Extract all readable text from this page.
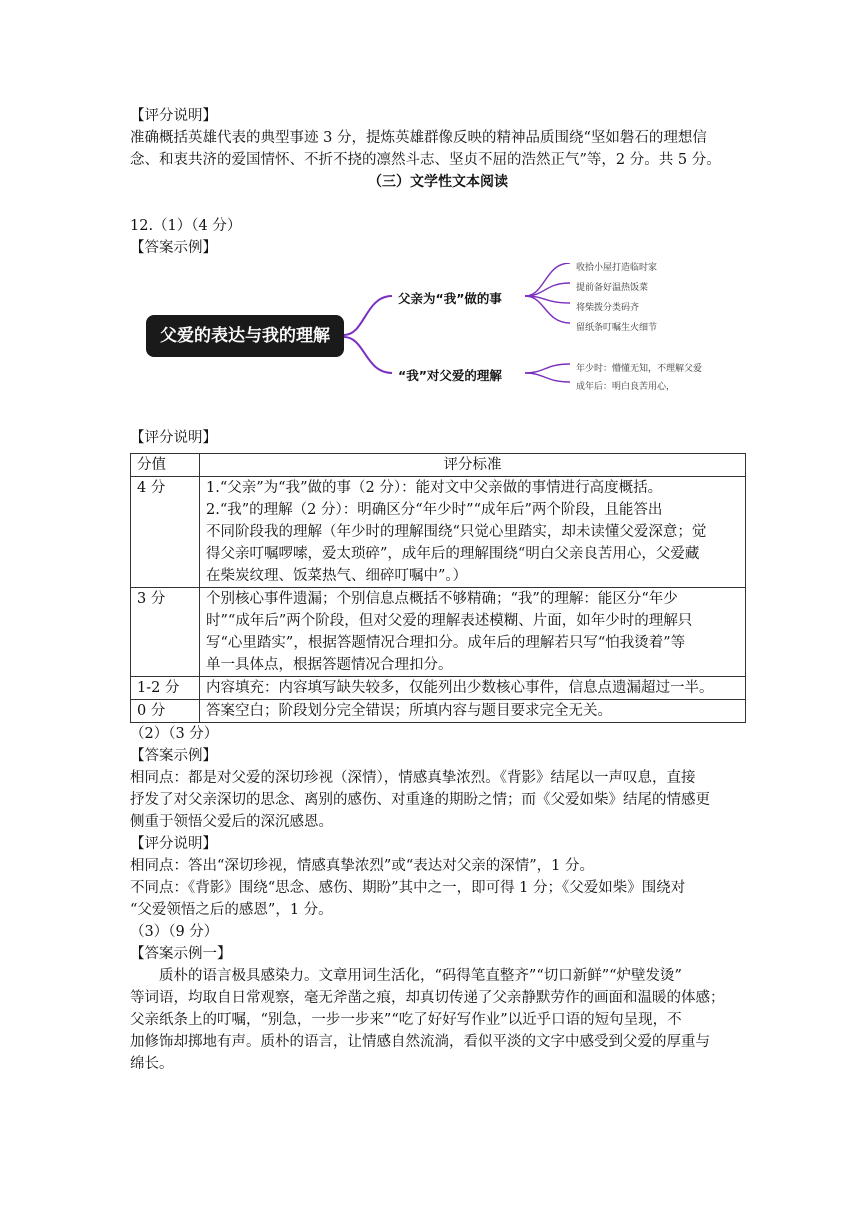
【评分说明】

准确概括英雄代表的典型事迹 3 分，提炼英雄群像反映的精神品质围绕“坚如磐石的理想信

念、和衷共济的爱国情怀、不折不挠的凛然斗志、坚贞不屈的浩然正气”等，2 分。共 5 分。

（三）文学性文本阅读

12.（1）（4 分）

【答案示例】

父爱的表达与我的理解
父亲为“我”做的事
“我”对父爱的理解
收拾小屋打造临时家
提前备好温热饭菜
将柴拨分类码齐
留纸条叮嘱生火细节
年少时：懵懂无知，不理解父爱
成年后：明白良苦用心，

【评分说明】

分值	评分标准
4 分	1.“父亲”为“我”做的事（2 分）：能对文中父亲做的事情进行高度概括。
2.“我”的理解（2 分）：明确区分“年少时”“成年后”两个阶段，且能答出
不同阶段我的理解（年少时的理解围绕“只觉心里踏实，却未读懂父爱深意；觉
得父亲叮嘱啰嗦，爱太琐碎”，成年后的理解围绕“明白父亲良苦用心，父爱藏
在柴炭纹理、饭菜热气、细碎叮嘱中”。）

3 分	个别核心事件遗漏；个别信息点概括不够精确；“我”的理解：能区分“年少
时”“成年后”两个阶段，但对父爱的理解表述模糊、片面，如年少时的理解只
写“心里踏实”，根据答题情况合理扣分。成年后的理解若只写“怕我烫着”等
单一具体点，根据答题情况合理扣分。

1-2 分	内容填充：内容填写缺失较多，仅能列出少数核心事件，信息点遗漏超过一半。

0 分	答案空白；阶段划分完全错误；所填内容与题目要求完全无关。

（2）（3 分）

【答案示例】

相同点：都是对父爱的深切珍视（深情），情感真挚浓烈。《背影》结尾以一声叹息，直接

抒发了对父亲深切的思念、离别的感伤、对重逢的期盼之情；而《父爱如柴》结尾的情感更

侧重于领悟父爱后的深沉感恩。

【评分说明】

相同点：答出“深切珍视，情感真挚浓烈”或“表达对父亲的深情”，1 分。

不同点：《背影》围绕“思念、感伤、期盼”其中之一，即可得 1 分；《父爱如柴》围绕对

“父爱领悟之后的感恩”，1 分。

（3）（9 分）

【答案示例一】

质朴的语言极具感染力。文章用词生活化，“码得笔直整齐”“切口新鲜”“炉壁发烫”

等词语，均取自日常观察，毫无斧凿之痕，却真切传递了父亲静默劳作的画面和温暖的体感；

父亲纸条上的叮嘱，“别急，一步一步来”“吃了好好写作业”以近乎口语的短句呈现，不

加修饰却掷地有声。质朴的语言，让情感自然流淌，看似平淡的文字中感受到父爱的厚重与

绵长。
